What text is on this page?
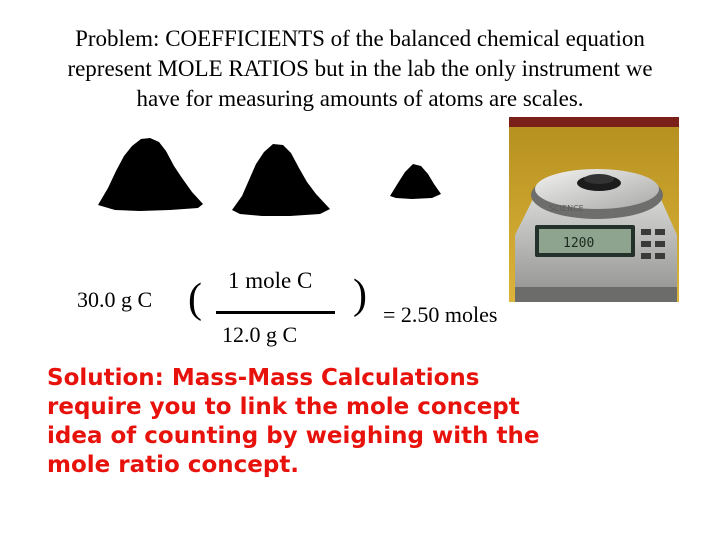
Problem: COEFFICIENTS of the balanced chemical equation
represent MOLE RATIOS but in the lab the only instrument we
have for measuring amounts of atoms are scales.
1200
SCIENCE
30.0 g C ( 1 mole C
12.0 g C
) = 2.50 moles
Solution: Mass-Mass Calculations
require you to link the mole concept
idea of counting by weighing with the
mole ratio concept.
